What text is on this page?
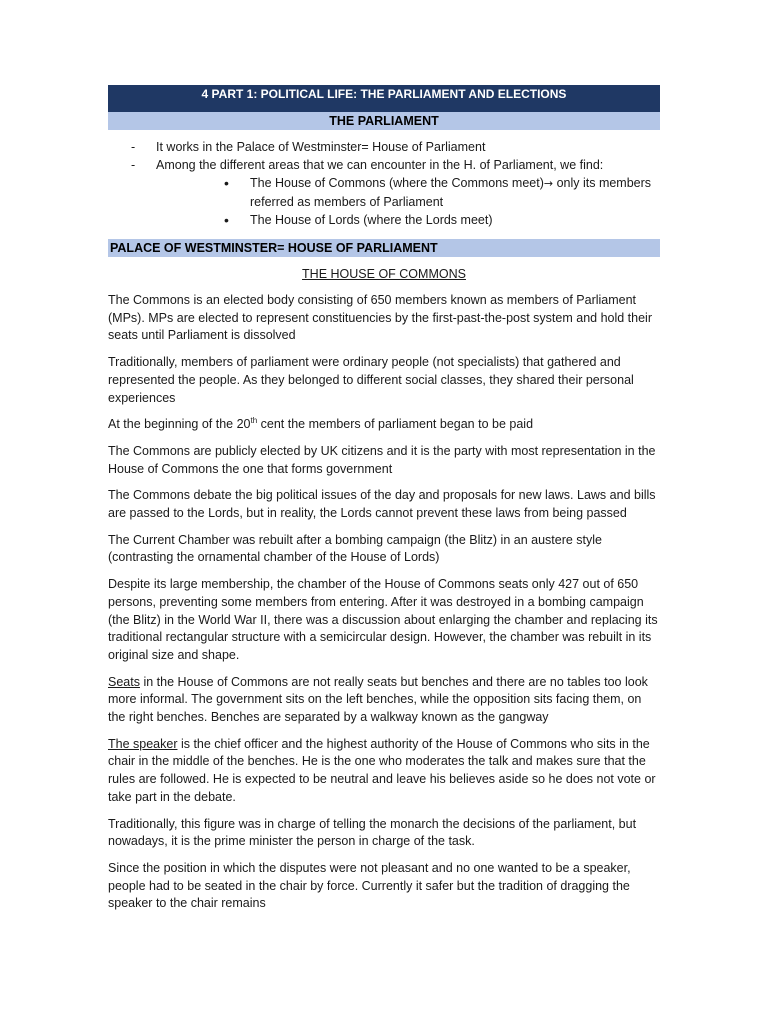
4 PART 1: POLITICAL LIFE: THE PARLIAMENT AND ELECTIONS
THE PARLIAMENT
- It works in the Palace of Westminster= House of Parliament
- Among the different areas that we can encounter in the H. of Parliament, we find:
• The House of Commons (where the Commons meet)→ only its members referred as members of Parliament
• The House of Lords (where the Lords meet)
PALACE OF WESTMINSTER= HOUSE OF PARLIAMENT
THE HOUSE OF COMMONS

The Commons is an elected body consisting of 650 members known as members of Parliament (MPs). MPs are elected to represent constituencies by the first-past-the-post system and hold their seats until Parliament is dissolved

Traditionally, members of parliament were ordinary people (not specialists) that gathered and represented the people. As they belonged to different social classes, they shared their personal experiences

At the beginning of the 20th cent the members of parliament began to be paid

The Commons are publicly elected by UK citizens and it is the party with most representation in the House of Commons the one that forms government

The Commons debate the big political issues of the day and proposals for new laws. Laws and bills are passed to the Lords, but in reality, the Lords cannot prevent these laws from being passed

The Current Chamber was rebuilt after a bombing campaign (the Blitz) in an austere style (contrasting the ornamental chamber of the House of Lords)

Despite its large membership, the chamber of the House of Commons seats only 427 out of 650 persons, preventing some members from entering. After it was destroyed in a bombing campaign (the Blitz) in the World War II, there was a discussion about enlarging the chamber and replacing its traditional rectangular structure with a semicircular design. However, the chamber was rebuilt in its original size and shape.

Seats in the House of Commons are not really seats but benches and there are no tables too look more informal. The government sits on the left benches, while the opposition sits facing them, on the right benches. Benches are separated by a walkway known as the gangway

The speaker is the chief officer and the highest authority of the House of Commons who sits in the chair in the middle of the benches. He is the one who moderates the talk and makes sure that the rules are followed. He is expected to be neutral and leave his believes aside so he does not vote or take part in the debate.

Traditionally, this figure was in charge of telling the monarch the decisions of the parliament, but nowadays, it is the prime minister the person in charge of the task.

Since the position in which the disputes were not pleasant and no one wanted to be a speaker, people had to be seated in the chair by force. Currently it safer but the tradition of dragging the speaker to the chair remains
